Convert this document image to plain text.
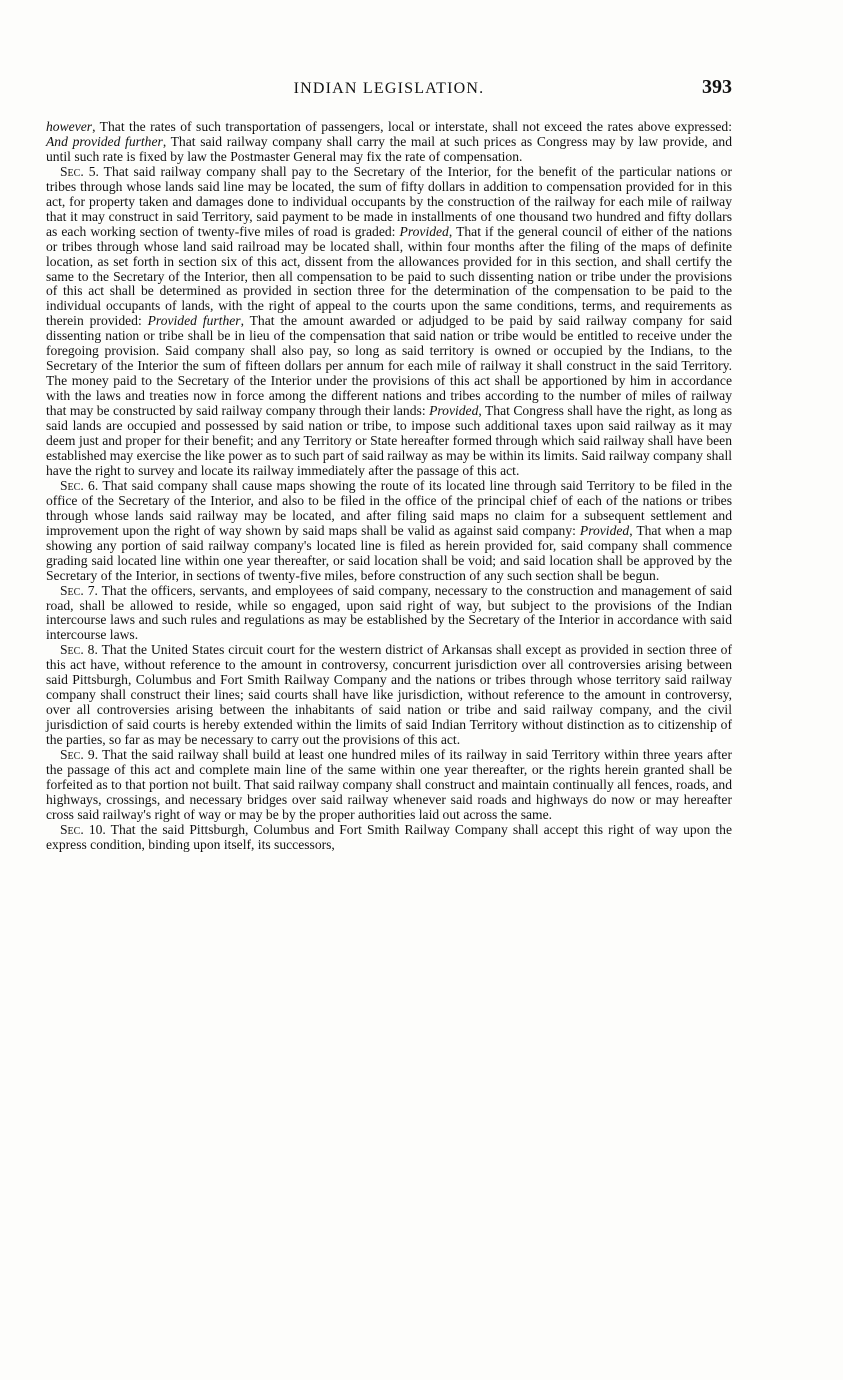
INDIAN LEGISLATION.	393

however, That the rates of such transportation of passengers, local or interstate, shall not exceed the rates above expressed: And provided further, That said railway company shall carry the mail at such prices as Congress may by law provide, and until such rate is fixed by law the Postmaster General may fix the rate of compensation.

Sec. 5. That said railway company shall pay to the Secretary of the Interior, for the benefit of the particular nations or tribes through whose lands said line may be located, the sum of fifty dollars in addition to compensation provided for in this act, for property taken and damages done to individual occupants by the construction of the railway for each mile of railway that it may construct in said Territory, said payment to be made in installments of one thousand two hundred and fifty dollars as each working section of twenty-five miles of road is graded: Provided, That if the general council of either of the nations or tribes through whose land said railroad may be located shall, within four months after the filing of the maps of definite location, as set forth in section six of this act, dissent from the allowances provided for in this section, and shall certify the same to the Secretary of the Interior, then all compensation to be paid to such dissenting nation or tribe under the provisions of this act shall be determined as provided in section three for the determination of the compensation to be paid to the individual occupants of lands, with the right of appeal to the courts upon the same conditions, terms, and requirements as therein provided: Provided further, That the amount awarded or adjudged to be paid by said railway company for said dissenting nation or tribe shall be in lieu of the compensation that said nation or tribe would be entitled to receive under the foregoing provision. Said company shall also pay, so long as said territory is owned or occupied by the Indians, to the Secretary of the Interior the sum of fifteen dollars per annum for each mile of railway it shall construct in the said Territory. The money paid to the Secretary of the Interior under the provisions of this act shall be apportioned by him in accordance with the laws and treaties now in force among the different nations and tribes according to the number of miles of railway that may be constructed by said railway company through their lands: Provided, That Congress shall have the right, as long as said lands are occupied and possessed by said nation or tribe, to impose such additional taxes upon said railway as it may deem just and proper for their benefit; and any Territory or State hereafter formed through which said railway shall have been established may exercise the like power as to such part of said railway as may be within its limits. Said railway company shall have the right to survey and locate its railway immediately after the passage of this act.

Sec. 6. That said company shall cause maps showing the route of its located line through said Territory to be filed in the office of the Secretary of the Interior, and also to be filed in the office of the principal chief of each of the nations or tribes through whose lands said railway may be located, and after filing said maps no claim for a subsequent settlement and improvement upon the right of way shown by said maps shall be valid as against said company: Provided, That when a map showing any portion of said railway company's located line is filed as herein provided for, said company shall commence grading said located line within one year thereafter, or said location shall be void; and said location shall be approved by the Secretary of the Interior, in sections of twenty-five miles, before construction of any such section shall be begun.

Sec. 7. That the officers, servants, and employees of said company, necessary to the construction and management of said road, shall be allowed to reside, while so engaged, upon said right of way, but subject to the provisions of the Indian intercourse laws and such rules and regulations as may be established by the Secretary of the Interior in accordance with said intercourse laws.

Sec. 8. That the United States circuit court for the western district of Arkansas shall except as provided in section three of this act have, without reference to the amount in controversy, concurrent jurisdiction over all controversies arising between said Pittsburgh, Columbus and Fort Smith Railway Company and the nations or tribes through whose territory said railway company shall construct their lines; said courts shall have like jurisdiction, without reference to the amount in controversy, over all controversies arising between the inhabitants of said nation or tribe and said railway company, and the civil jurisdiction of said courts is hereby extended within the limits of said Indian Territory without distinction as to citizenship of the parties, so far as may be necessary to carry out the provisions of this act.

Sec. 9. That the said railway shall build at least one hundred miles of its railway in said Territory within three years after the passage of this act and complete main line of the same within one year thereafter, or the rights herein granted shall be forfeited as to that portion not built. That said railway company shall construct and maintain continually all fences, roads, and highways, crossings, and necessary bridges over said railway whenever said roads and highways do now or may hereafter cross said railway's right of way or may be by the proper authorities laid out across the same.

Sec. 10. That the said Pittsburgh, Columbus and Fort Smith Railway Company shall accept this right of way upon the express condition, binding upon itself, its successors,
